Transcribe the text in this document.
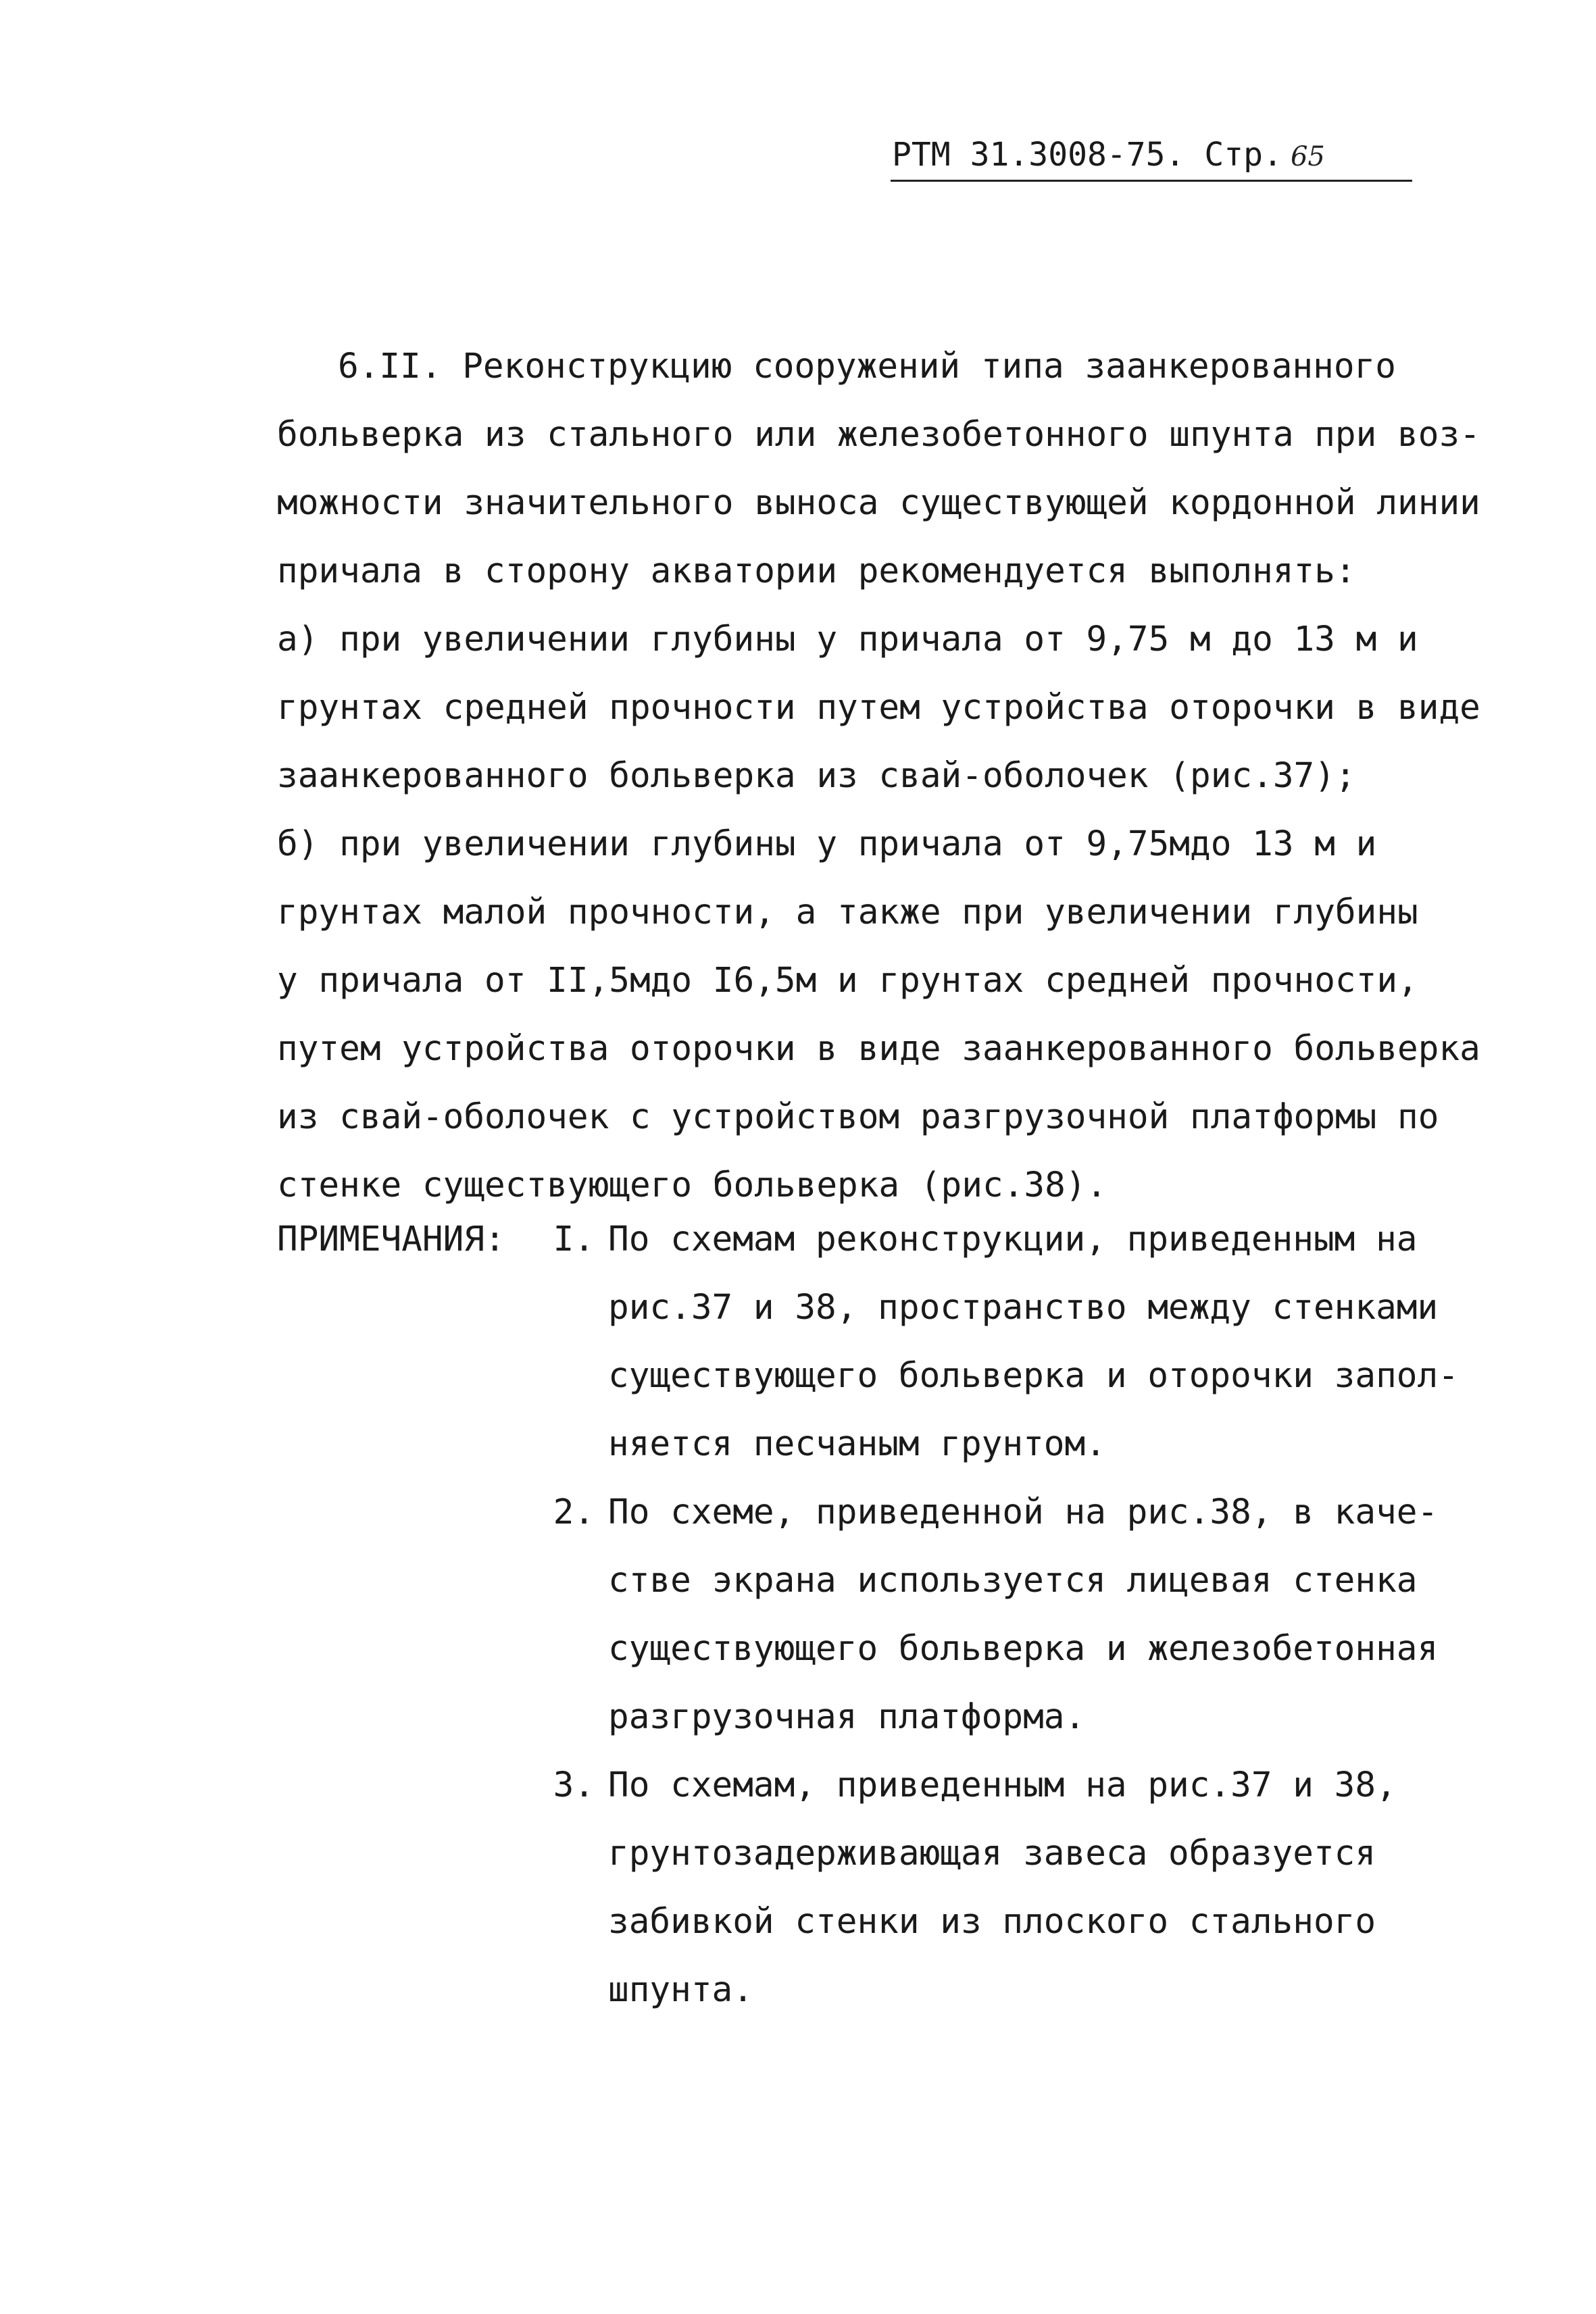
РТМ 31.3008-75. Стр. 65
6.II. Реконструкцию сооружений типа заанкерованного
больверка из стального или железобетонного шпунта при воз-
можности значительного выноса существующей кордонной линии
причала в сторону акватории рекомендуется выполнять:
а) при увеличении глубины у причала от 9,75 м до 13 м и
грунтах средней прочности путем устройства оторочки в виде
заанкерованного больверка из свай-оболочек (рис.37);
б) при увеличении глубины у причала от 9,75мдо 13 м и
грунтах малой прочности, а также при увеличении глубины
у причала от II,5мдо I6,5м и грунтах средней прочности,
путем устройства оторочки в виде заанкерованного больверка
из свай-оболочек с устройством разгрузочной платформы по
стенке существующего больверка (рис.38).
ПРИМЕЧАНИЯ:	I. По схемам реконструкции, приведенным на
рис.37 и 38, пространство между стенками
существующего больверка и оторочки запол-
няется песчаным грунтом.
2. По схеме, приведенной на рис.38, в каче-
стве экрана используется лицевая стенка
существующего больверка и железобетонная
разгрузочная платформа.
3. По схемам, приведенным на рис.37 и 38,
грунтозадерживающая завеса образуется
забивкой стенки из плоского стального
шпунта.
